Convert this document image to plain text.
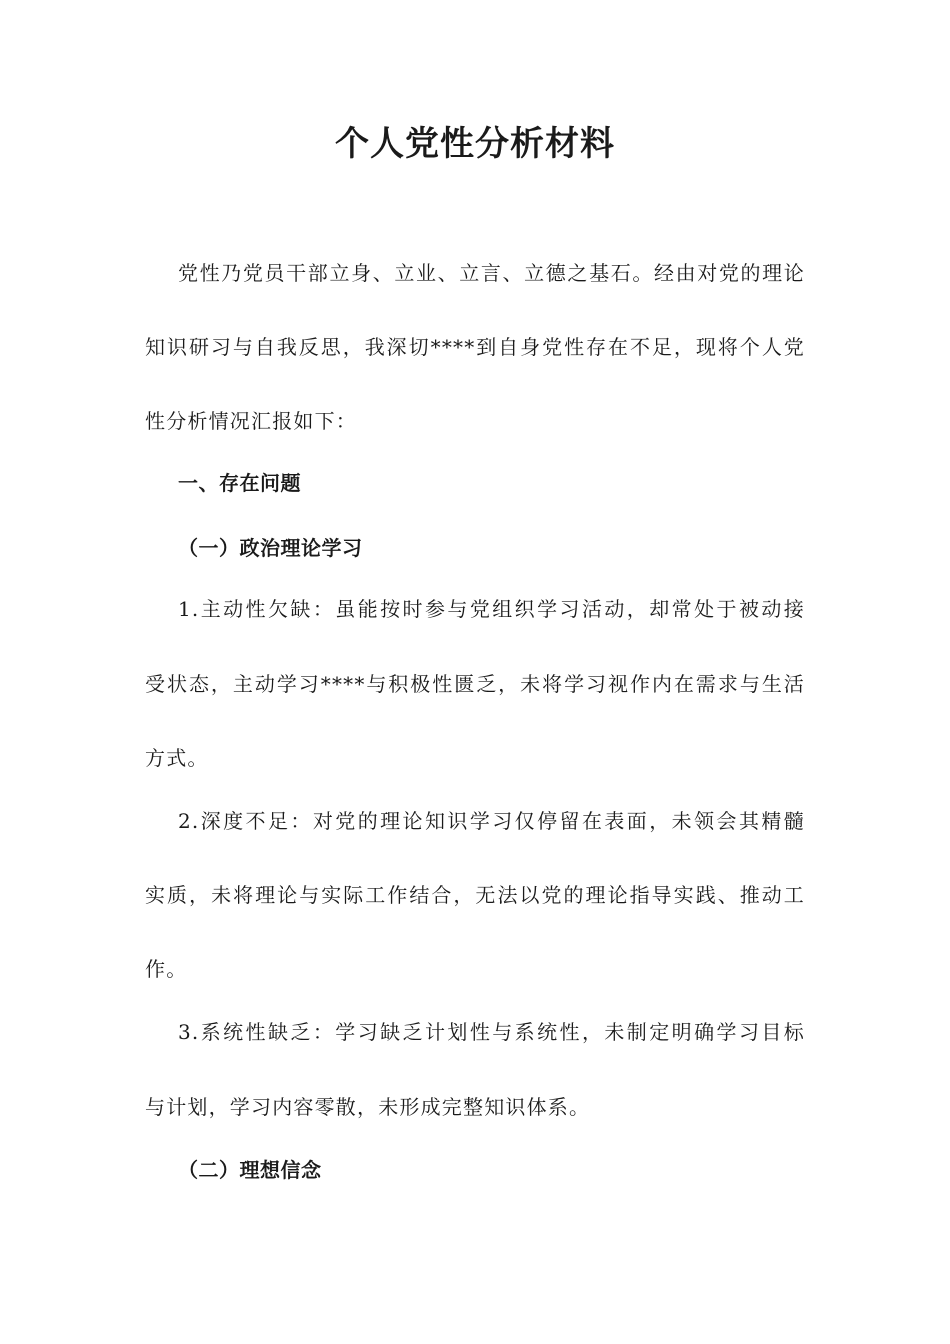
个人党性分析材料
党性乃党员干部立身、立业、立言、立德之基石。经由对党的理论
知识研习与自我反思，我深切****到自身党性存在不足，现将个人党
性分析情况汇报如下：
一、存在问题
（一）政治理论学习
1.主动性欠缺：虽能按时参与党组织学习活动，却常处于被动接
受状态，主动学习****与积极性匮乏，未将学习视作内在需求与生活
方式。
2.深度不足：对党的理论知识学习仅停留在表面，未领会其精髓
实质，未将理论与实际工作结合，无法以党的理论指导实践、推动工
作。
3.系统性缺乏：学习缺乏计划性与系统性，未制定明确学习目标
与计划，学习内容零散，未形成完整知识体系。
（二）理想信念
